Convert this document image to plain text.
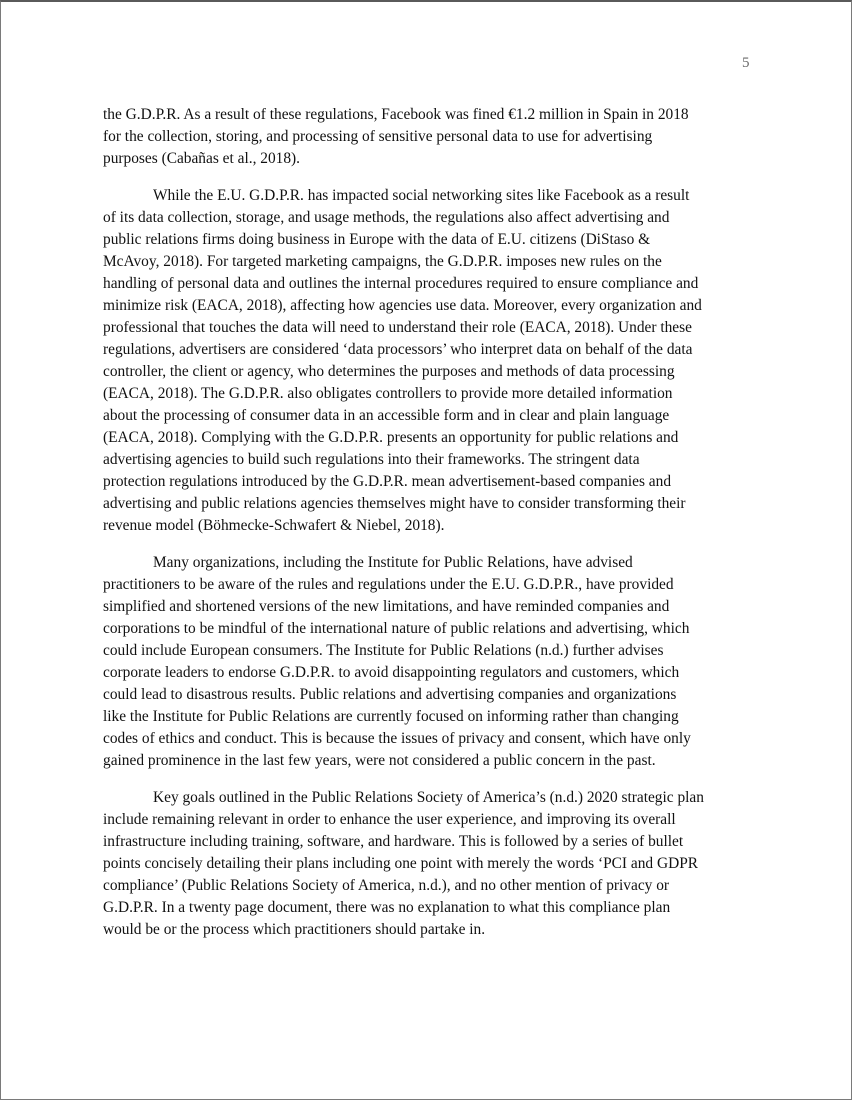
5

the G.D.P.R. As a result of these regulations, Facebook was fined €1.2 million in Spain in 2018
for the collection, storing, and processing of sensitive personal data to use for advertising
purposes (Cabañas et al., 2018).

While the E.U. G.D.P.R. has impacted social networking sites like Facebook as a result
of its data collection, storage, and usage methods, the regulations also affect advertising and
public relations firms doing business in Europe with the data of E.U. citizens (DiStaso &
McAvoy, 2018). For targeted marketing campaigns, the G.D.P.R. imposes new rules on the
handling of personal data and outlines the internal procedures required to ensure compliance and
minimize risk (EACA, 2018), affecting how agencies use data. Moreover, every organization and
professional that touches the data will need to understand their role (EACA, 2018). Under these
regulations, advertisers are considered ‘data processors’ who interpret data on behalf of the data
controller, the client or agency, who determines the purposes and methods of data processing
(EACA, 2018). The G.D.P.R. also obligates controllers to provide more detailed information
about the processing of consumer data in an accessible form and in clear and plain language
(EACA, 2018). Complying with the G.D.P.R. presents an opportunity for public relations and
advertising agencies to build such regulations into their frameworks. The stringent data
protection regulations introduced by the G.D.P.R. mean advertisement-based companies and
advertising and public relations agencies themselves might have to consider transforming their
revenue model (Böhmecke-Schwafert & Niebel, 2018).

Many organizations, including the Institute for Public Relations, have advised
practitioners to be aware of the rules and regulations under the E.U. G.D.P.R., have provided
simplified and shortened versions of the new limitations, and have reminded companies and
corporations to be mindful of the international nature of public relations and advertising, which
could include European consumers. The Institute for Public Relations (n.d.) further advises
corporate leaders to endorse G.D.P.R. to avoid disappointing regulators and customers, which
could lead to disastrous results. Public relations and advertising companies and organizations
like the Institute for Public Relations are currently focused on informing rather than changing
codes of ethics and conduct. This is because the issues of privacy and consent, which have only
gained prominence in the last few years, were not considered a public concern in the past.

Key goals outlined in the Public Relations Society of America’s (n.d.) 2020 strategic plan
include remaining relevant in order to enhance the user experience, and improving its overall
infrastructure including training, software, and hardware. This is followed by a series of bullet
points concisely detailing their plans including one point with merely the words ‘PCI and GDPR
compliance’ (Public Relations Society of America, n.d.), and no other mention of privacy or
G.D.P.R. In a twenty page document, there was no explanation to what this compliance plan
would be or the process which practitioners should partake in.
